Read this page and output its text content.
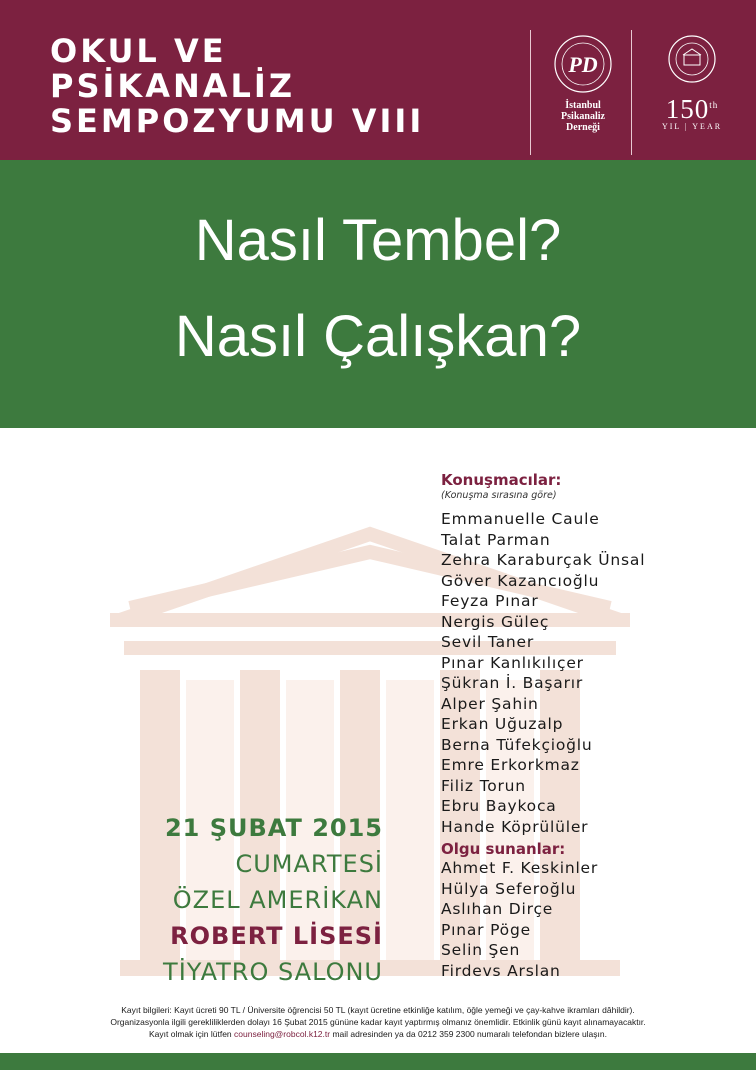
OKUL VE
PSİKANALİZ
SEMPOZYUMU VIII
PD
İstanbul
Psikanaliz
Derneği
150th
YIL | YEAR
Nasıl Tembel?
Nasıl Çalışkan?
Konuşmacılar:
(Konuşma sırasına göre)
Emmanuelle Caule
Talat Parman
Zehra Karaburçak Ünsal
Göver Kazancıoğlu
Feyza Pınar
Nergis Güleç
Sevil Taner
Pınar Kanlıkılıçer
Şükran İ. Başarır
Alper Şahin
Erkan Uğuzalp
Berna Tüfekçioğlu
Emre Erkorkmaz
Filiz Torun
Ebru Baykoca
Hande Köprülüler
Olgu sunanlar:
Ahmet F. Keskinler
Hülya Seferoğlu
Aslıhan Dirçe
Pınar Pöge
Selin Şen
Firdevs Arslan
21 ŞUBAT 2015
CUMARTESİ
ÖZEL AMERİKAN
ROBERT LİSESİ
TİYATRO SALONU
Kayıt bilgileri: Kayıt ücreti 90 TL / Üniversite öğrencisi 50 TL (kayıt ücretine etkinliğe katılım, öğle yemeği ve çay-kahve ikramları dâhildir).
Organizasyonla ilgili gerekliliklerden dolayı 16 Şubat 2015 gününe kadar kayıt yaptırmış olmanız önemlidir. Etkinlik günü kayıt alınamayacaktır.
Kayıt olmak için lütfen counseling@robcol.k12.tr mail adresinden ya da 0212 359 2300 numaralı telefondan bizlere ulaşın.
